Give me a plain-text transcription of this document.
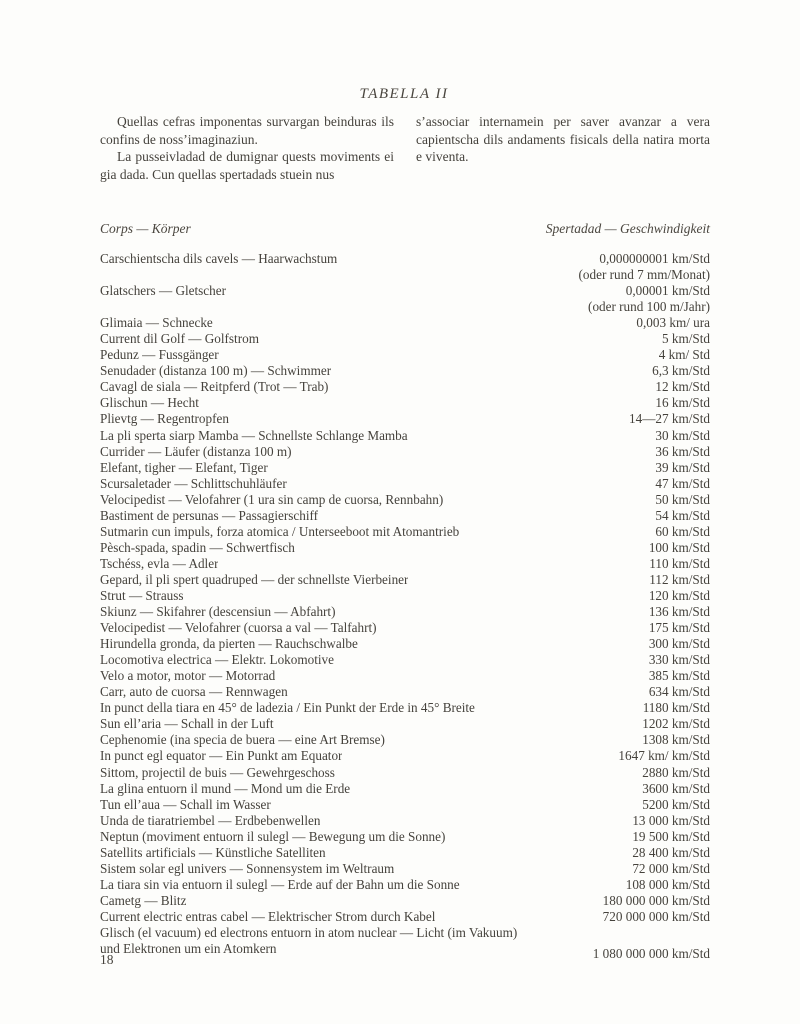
TABELLA II

Quellas cefras imponentas survargan beinduras ils confins de noss’imaginaziun.

La pusseivladad de dumignar quests moviments ei gia dada. Cun quellas spertadads stuein nus

s’associar internamein per saver avanzar a vera capientscha dils andaments fisicals della natira morta e viventa.

Corps — Körper	Spertadad — Geschwindigkeit
Carschientscha dils cavels — Haarwachstum	0,000000001 km/Std
(oder rund 7 mm/Monat)
Glatschers — Gletscher	0,00001 km/Std
(oder rund 100 m/Jahr)
Glimaia — Schnecke	0,003 km/ ura
Current dil Golf — Golfstrom	5 km/Std
Pedunz — Fussgänger	4 km/ Std
Senudader (distanza 100 m) — Schwimmer	6,3 km/Std
Cavagl de siala — Reitpferd (Trot — Trab)	12 km/Std
Glischun — Hecht	16 km/Std
Plievtg — Regentropfen	14—27 km/Std
La pli sperta siarp Mamba — Schnellste Schlange Mamba	30 km/Std
Currider — Läufer (distanza 100 m)	36 km/Std
Elefant, tigher — Elefant, Tiger	39 km/Std
Scursaletader — Schlittschuhläufer	47 km/Std
Velocipedist — Velofahrer (1 ura sin camp de cuorsa, Rennbahn)	50 km/Std
Bastiment de persunas — Passagierschiff	54 km/Std
Sutmarin cun impuls, forza atomica / Unterseeboot mit Atomantrieb	60 km/Std
Pèsch-spada, spadin — Schwertfisch	100 km/Std
Tschéss, evla — Adler	110 km/Std
Gepard, il pli spert quadruped — der schnellste Vierbeiner	112 km/Std
Strut — Strauss	120 km/Std
Skiunz — Skifahrer (descensiun — Abfahrt)	136 km/Std
Velocipedist — Velofahrer (cuorsa a val — Talfahrt)	175 km/Std
Hirundella gronda, da pierten — Rauchschwalbe	300 km/Std
Locomotiva electrica — Elektr. Lokomotive	330 km/Std
Velo a motor, motor — Motorrad	385 km/Std
Carr, auto de cuorsa — Rennwagen	634 km/Std
In punct della tiara en 45° de ladezia / Ein Punkt der Erde in 45° Breite	1180 km/Std
Sun ell’aria — Schall in der Luft	1202 km/Std
Cephenomie (ina specia de buera — eine Art Bremse)	1308 km/Std
In punct egl equator — Ein Punkt am Equator	1647 km/ km/Std
Sittom, projectil de buis — Gewehrgeschoss	2880 km/Std
La glina entuorn il mund — Mond um die Erde	3600 km/Std
Tun ell’aua — Schall im Wasser	5200 km/Std
Unda de tiaratriembel — Erdbebenwellen	13 000 km/Std
Neptun (moviment entuorn il sulegl — Bewegung um die Sonne)	19 500 km/Std
Satellits artificials — Künstliche Satelliten	28 400 km/Std
Sistem solar egl univers — Sonnensystem im Weltraum	72 000 km/Std
La tiara sin via entuorn il sulegl — Erde auf der Bahn um die Sonne	108 000 km/Std
Cametg — Blitz	180 000 000 km/Std
Current electric entras cabel — Elektrischer Strom durch Kabel	720 000 000 km/Std
Glisch (el vacuum) ed electrons entuorn in atom nuclear — Licht (im Vakuum)
und Elektronen um ein Atomkern	1 080 000 000 km/Std
18
